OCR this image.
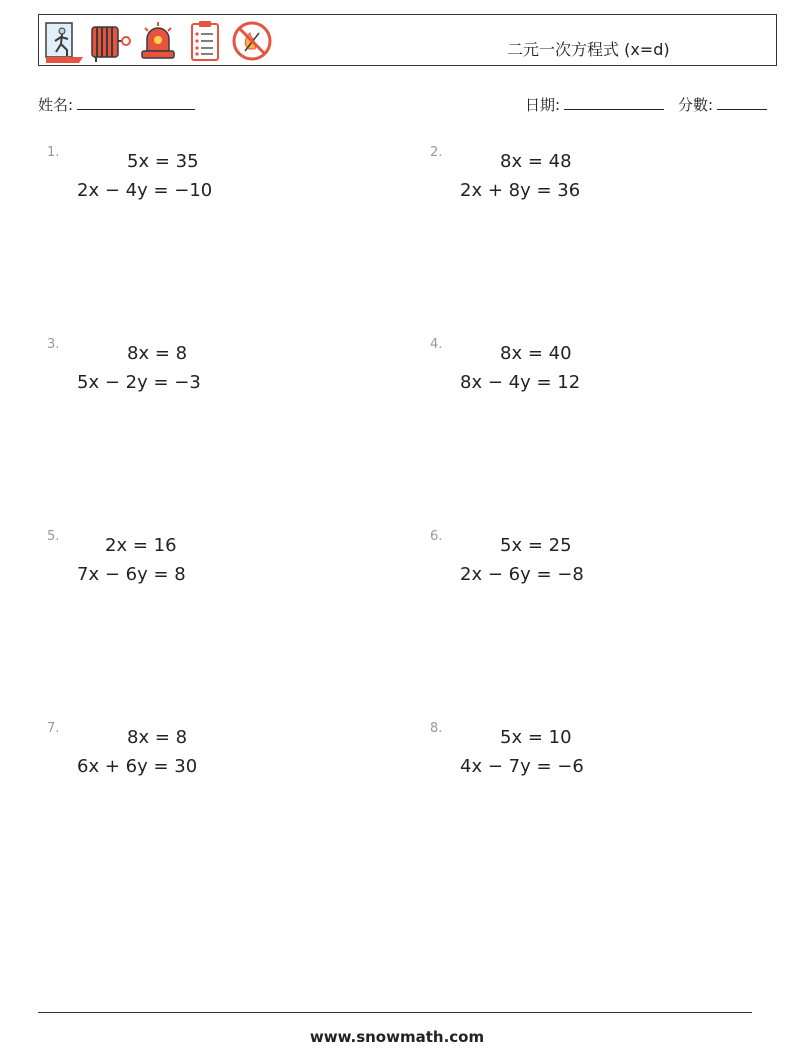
二元一次方程式 (x=d)
姓名:	日期:	分數:
1.	5x = 35
2x − 4y = −10
2.	8x = 48
2x + 8y = 36
3.	8x = 8
5x − 2y = −3
4.	8x = 40
8x − 4y = 12
5.	2x = 16
7x − 6y = 8
6.	5x = 25
2x − 6y = −8
7.	8x = 8
6x + 6y = 30
8.	5x = 10
4x − 7y = −6
www.snowmath.com
